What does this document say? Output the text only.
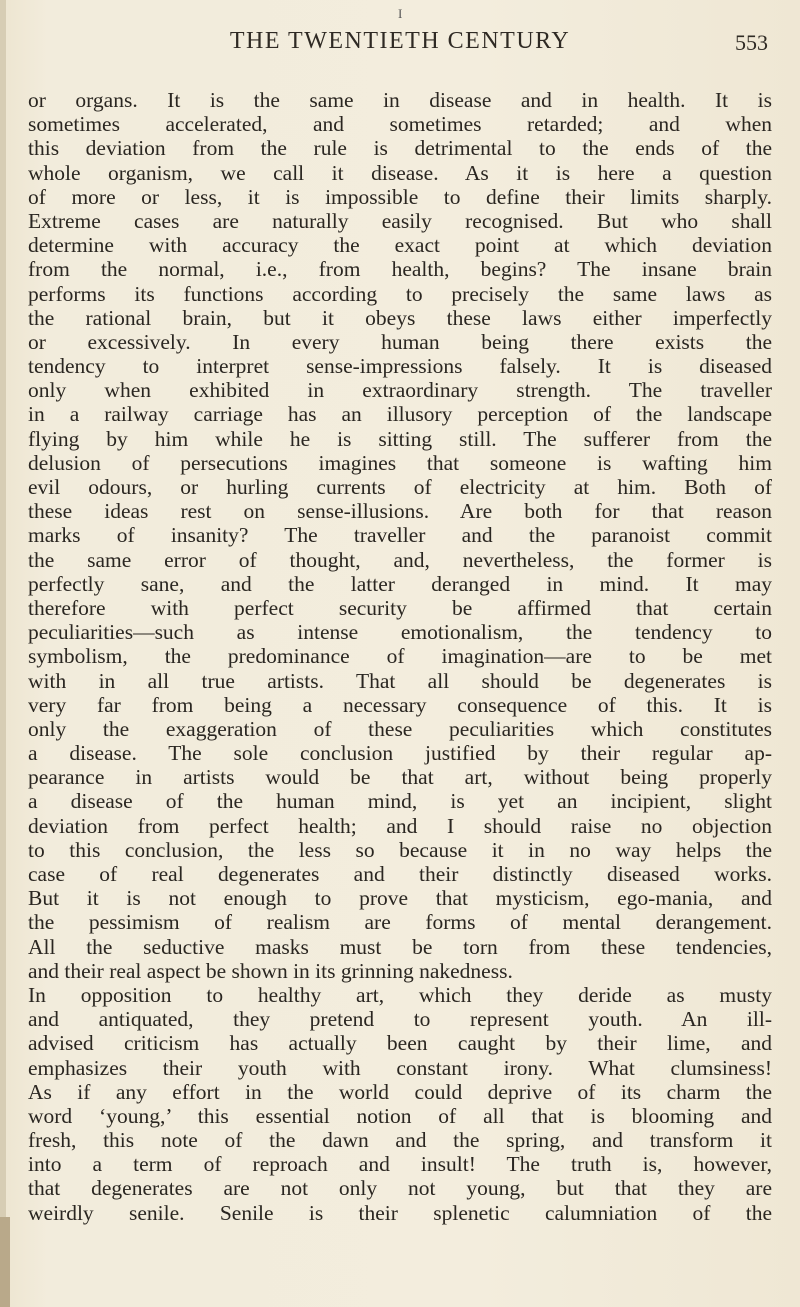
I
THE TWENTIETH CENTURY	553
or organs. It is the same in disease and in health. It is
sometimes accelerated, and sometimes retarded; and when
this deviation from the rule is detrimental to the ends of the
whole organism, we call it disease. As it is here a question
of more or less, it is impossible to define their limits sharply.
Extreme cases are naturally easily recognised. But who shall
determine with accuracy the exact point at which deviation
from the normal, i.e., from health, begins? The insane brain
performs its functions according to precisely the same laws as
the rational brain, but it obeys these laws either imperfectly
or excessively. In every human being there exists the
tendency to interpret sense-impressions falsely. It is diseased
only when exhibited in extraordinary strength. The traveller
in a railway carriage has an illusory perception of the landscape
flying by him while he is sitting still. The sufferer from the
delusion of persecutions imagines that someone is wafting him
evil odours, or hurling currents of electricity at him. Both of
these ideas rest on sense-illusions. Are both for that reason
marks of insanity? The traveller and the paranoist commit
the same error of thought, and, nevertheless, the former is
perfectly sane, and the latter deranged in mind. It may
therefore with perfect security be affirmed that certain
peculiarities—such as intense emotionalism, the tendency to
symbolism, the predominance of imagination—are to be met
with in all true artists. That all should be degenerates is
very far from being a necessary consequence of this. It is
only the exaggeration of these peculiarities which constitutes
a disease. The sole conclusion justified by their regular ap-
pearance in artists would be that art, without being properly
a disease of the human mind, is yet an incipient, slight
deviation from perfect health; and I should raise no objection
to this conclusion, the less so because it in no way helps the
case of real degenerates and their distinctly diseased works.
But it is not enough to prove that mysticism, ego-mania, and
the pessimism of realism are forms of mental derangement.
All the seductive masks must be torn from these tendencies,
and their real aspect be shown in its grinning nakedness.
In opposition to healthy art, which they deride as musty
and antiquated, they pretend to represent youth. An ill-
advised criticism has actually been caught by their lime, and
emphasizes their youth with constant irony. What clumsiness!
As if any effort in the world could deprive of its charm the
word ‘young,’ this essential notion of all that is blooming and
fresh, this note of the dawn and the spring, and transform it
into a term of reproach and insult! The truth is, however,
that degenerates are not only not young, but that they are
weirdly senile. Senile is their splenetic calumniation of the
